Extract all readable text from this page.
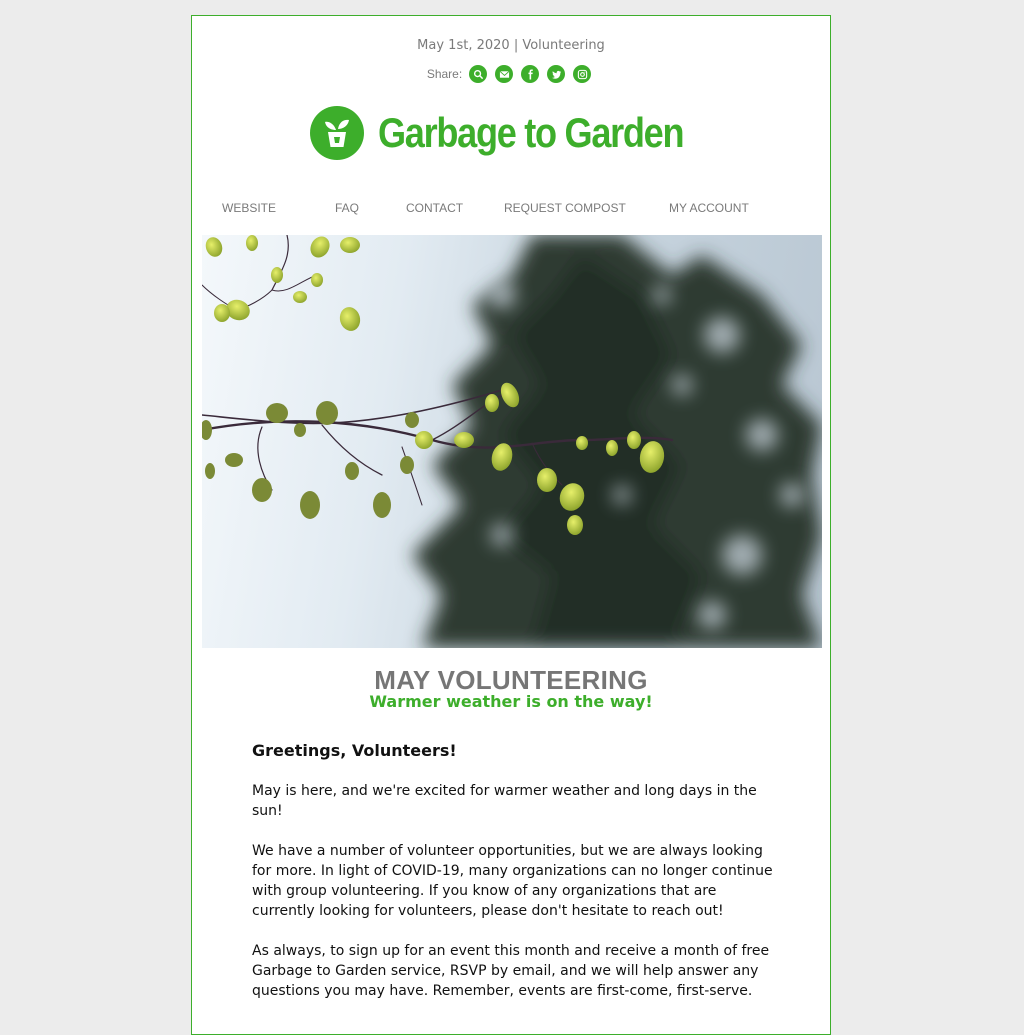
May 1st, 2020 | Volunteering
Share:
Garbage to Garden
WEBSITE	FAQ	CONTACT	REQUEST COMPOST	MY ACCOUNT
MAY VOLUNTEERING
Warmer weather is on the way!

Greetings, Volunteers!

May is here, and we're excited for warmer weather and long days in the sun!

We have a number of volunteer opportunities, but we are always looking for more. In light of COVID-19, many organizations can no longer continue with group volunteering. If you know of any organizations that are currently looking for volunteers, please don't hesitate to reach out!

As always, to sign up for an event this month and receive a month of free Garbage to Garden service, RSVP by email, and we will help answer any questions you may have. Remember, events are first-come, first-serve.
